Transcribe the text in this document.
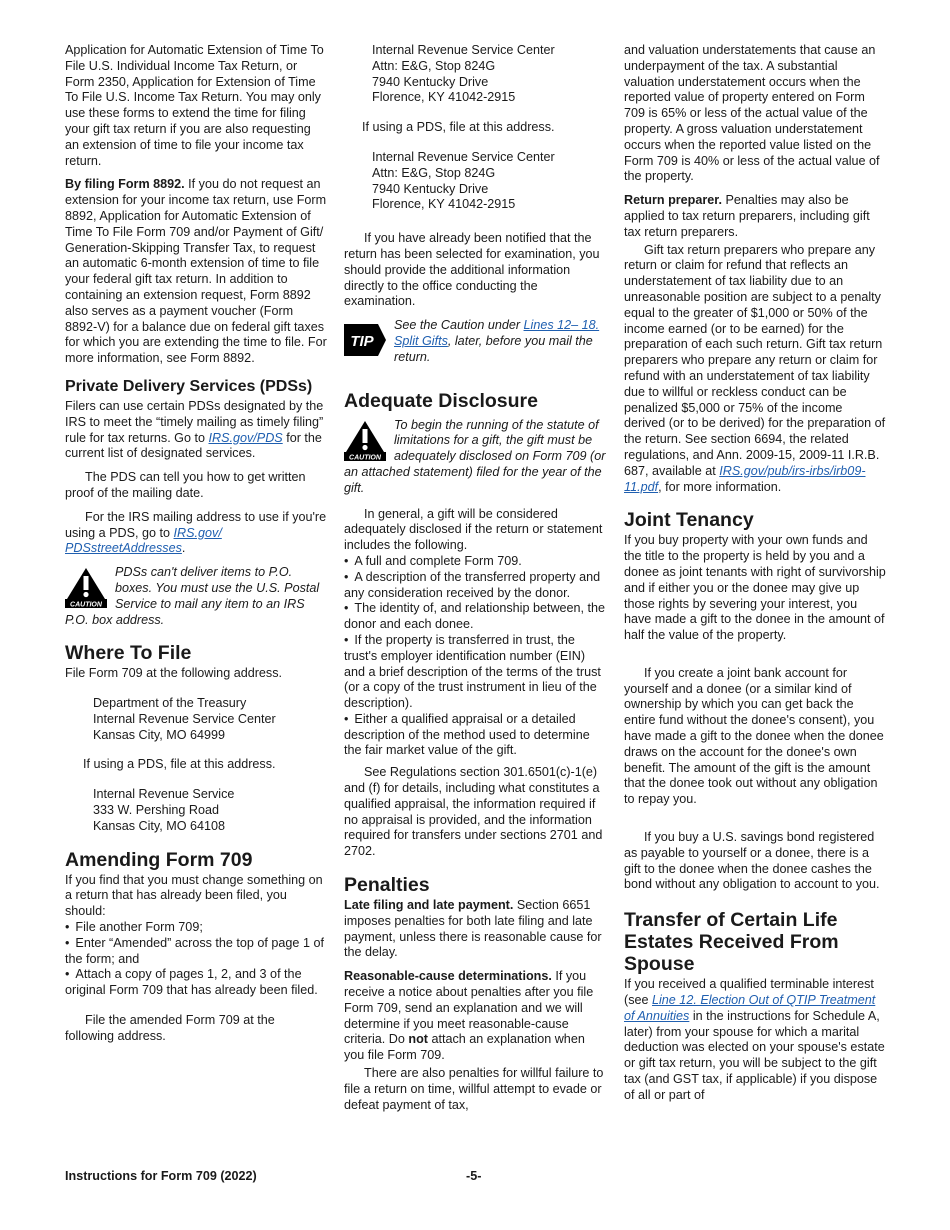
Application for Automatic Extension of Time To File U.S. Individual Income Tax Return, or Form 2350, Application for Extension of Time To File U.S. Income Tax Return. You may only use these forms to extend the time for filing your gift tax return if you are also requesting an extension of time to file your income tax return.

By filing Form 8892. If you do not request an extension for your income tax return, use Form 8892, Application for Automatic Extension of Time To File Form 709 and/or Payment of Gift/ Generation-Skipping Transfer Tax, to request an automatic 6-month extension of time to file your federal gift tax return. In addition to containing an extension request, Form 8892 also serves as a payment voucher (Form 8892-V) for a balance due on federal gift taxes for which you are extending the time to file. For more information, see Form 8892.

Private Delivery Services (PDSs)

Filers can use certain PDSs designated by the IRS to meet the “timely mailing as timely filing” rule for tax returns. Go to IRS.gov/PDS for the current list of designated services.

The PDS can tell you how to get written proof of the mailing date.

For the IRS mailing address to use if you're using a PDS, go to IRS.gov/ PDSstreetAddresses.

CAUTION
PDSs can't deliver items to P.O. boxes. You must use the U.S. Postal Service to mail any item to an IRS P.O. box address.
Where To File

File Form 709 at the following address.

Department of the Treasury
Internal Revenue Service Center
Kansas City, MO 64999
If using a PDS, file at this address.
Internal Revenue Service
333 W. Pershing Road
Kansas City, MO 64108
Amending Form 709

If you find that you must change something on a return that has already been filed, you should:

• File another Form 709;
• Enter “Amended” across the top of page 1 of the form; and
• Attach a copy of pages 1, 2, and 3 of the original Form 709 that has already been filed.

File the amended Form 709 at the following address.

Internal Revenue Service Center
Attn: E&G, Stop 824G
7940 Kentucky Drive
Florence, KY 41042-2915
If using a PDS, file at this address.
Internal Revenue Service Center
Attn: E&G, Stop 824G
7940 Kentucky Drive
Florence, KY 41042-2915

If you have already been notified that the return has been selected for examination, you should provide the additional information directly to the office conducting the examination.

TIP
See the Caution under Lines 12– 18. Split Gifts, later, before you mail the return.
Adequate Disclosure
CAUTION
To begin the running of the statute of limitations for a gift, the gift must be adequately disclosed on Form 709 (or an attached statement) filed for the year of the gift.

In general, a gift will be considered adequately disclosed if the return or statement includes the following.

• A full and complete Form 709.
• A description of the transferred property and any consideration received by the donor.
• The identity of, and relationship between, the donor and each donee.
• If the property is transferred in trust, the trust's employer identification number (EIN) and a brief description of the terms of the trust (or a copy of the trust instrument in lieu of the description).
• Either a qualified appraisal or a detailed description of the method used to determine the fair market value of the gift.

See Regulations section 301.6501(c)-1(e) and (f) for details, including what constitutes a qualified appraisal, the information required if no appraisal is provided, and the information required for transfers under sections 2701 and 2702.

Penalties

Late filing and late payment. Section 6651 imposes penalties for both late filing and late payment, unless there is reasonable cause for the delay.

Reasonable-cause determinations. If you receive a notice about penalties after you file Form 709, send an explanation and we will determine if you meet reasonable-cause criteria. Do not attach an explanation when you file Form 709.

There are also penalties for willful failure to file a return on time, willful attempt to evade or defeat payment of tax,

and valuation understatements that cause an underpayment of the tax. A substantial valuation understatement occurs when the reported value of property entered on Form 709 is 65% or less of the actual value of the property. A gross valuation understatement occurs when the reported value listed on the Form 709 is 40% or less of the actual value of the property.

Return preparer. Penalties may also be applied to tax return preparers, including gift tax return preparers.

Gift tax return preparers who prepare any return or claim for refund that reflects an understatement of tax liability due to an unreasonable position are subject to a penalty equal to the greater of $1,000 or 50% of the income earned (or to be earned) for the preparation of each such return. Gift tax return preparers who prepare any return or claim for refund with an understatement of tax liability due to willful or reckless conduct can be penalized $5,000 or 75% of the income derived (or to be derived) for the preparation of the return. See section 6694, the related regulations, and Ann. 2009-15, 2009-11 I.R.B. 687, available at IRS.gov/pub/irs-irbs/irb09-11.pdf, for more information.

Joint Tenancy

If you buy property with your own funds and the title to the property is held by you and a donee as joint tenants with right of survivorship and if either you or the donee may give up those rights by severing your interest, you have made a gift to the donee in the amount of half the value of the property.

If you create a joint bank account for yourself and a donee (or a similar kind of ownership by which you can get back the entire fund without the donee's consent), you have made a gift to the donee when the donee draws on the account for the donee's own benefit. The amount of the gift is the amount that the donee took out without any obligation to repay you.

If you buy a U.S. savings bond registered as payable to yourself or a donee, there is a gift to the donee when the donee cashes the bond without any obligation to account to you.

Transfer of Certain Life Estates Received From Spouse

If you received a qualified terminable interest (see Line 12. Election Out of QTIP Treatment of Annuities in the instructions for Schedule A, later) from your spouse for which a marital deduction was elected on your spouse's estate or gift tax return, you will be subject to the gift tax (and GST tax, if applicable) if you dispose of all or part of

Instructions for Form 709 (2022)	-5-
